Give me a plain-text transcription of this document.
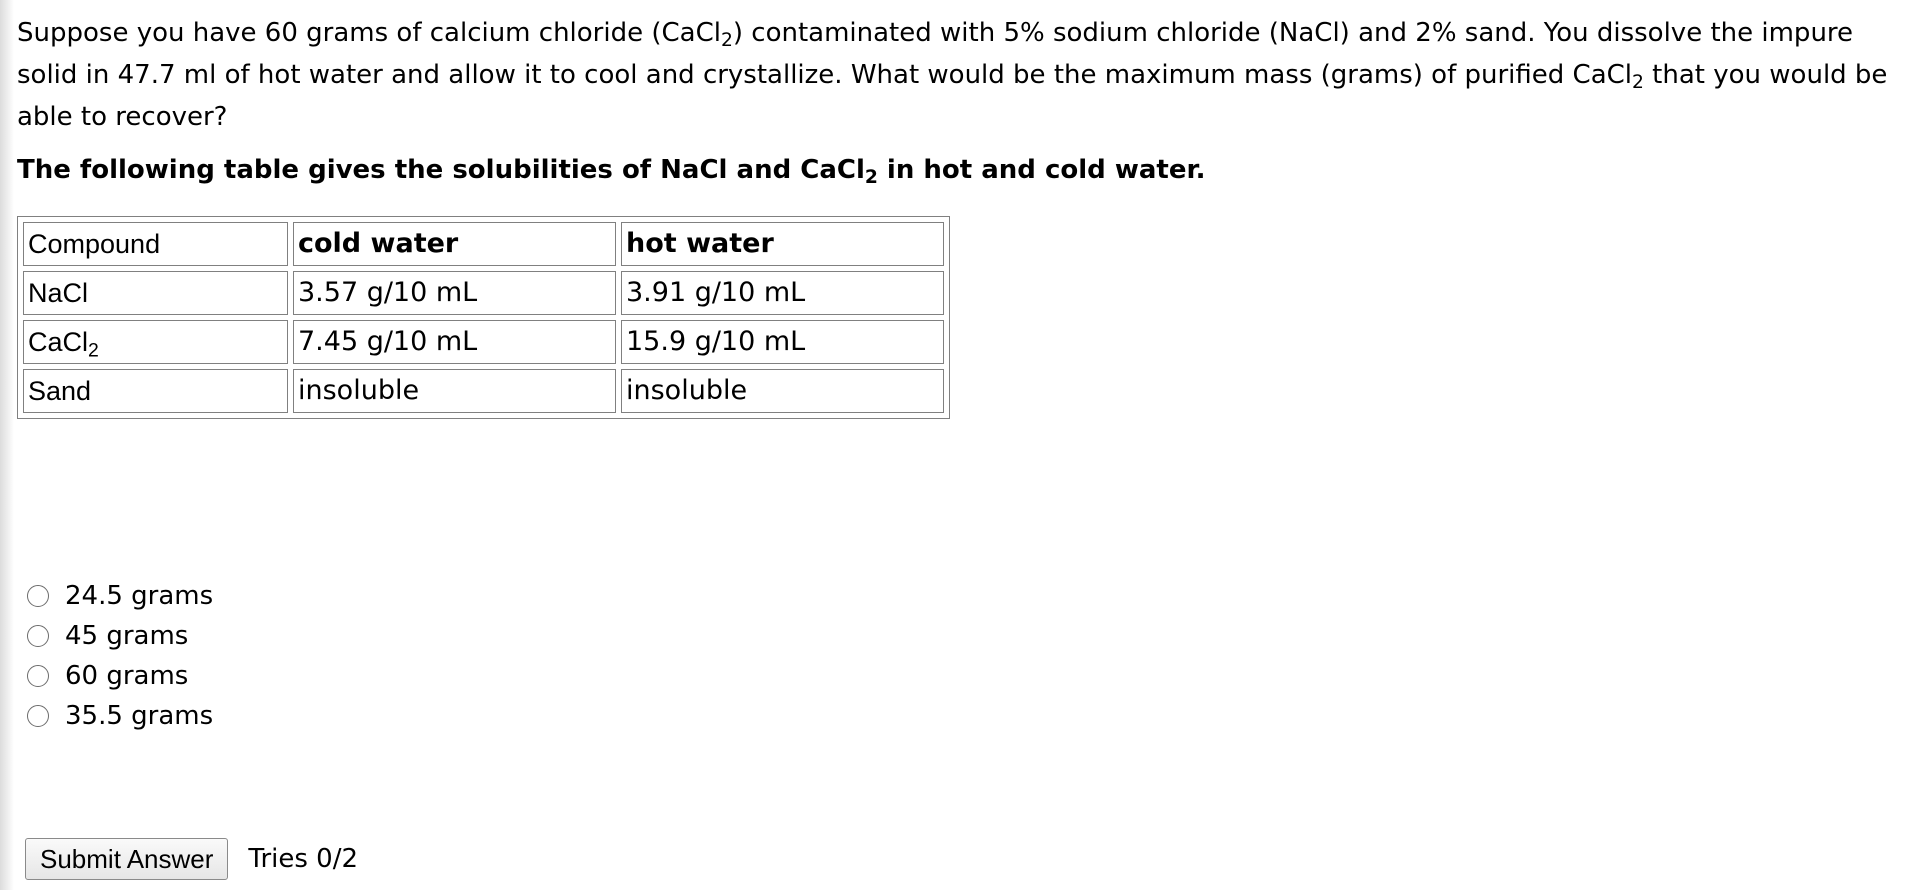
Suppose you have 60 grams of calcium chloride (CaCl$_2$) contaminated with 5% sodium chloride (NaCl) and 2% sand. You dissolve the impure solid in 47.7 ml of hot water and allow it to cool and crystallize. What would be the maximum mass (grams) of purified CaCl$_2$ that you would be able to recover?

The following table gives the solubilities of NaCl and CaCl$_2$ in hot and cold water.

Compound	cold water	hot water
NaCl	3.57 g/10 mL	3.91 g/10 mL
CaCl$_2$	7.45 g/10 mL	15.9 g/10 mL
Sand	insoluble	insoluble
24.5 grams
45 grams
60 grams
35.5 grams
Submit Answer	Tries 0/2
